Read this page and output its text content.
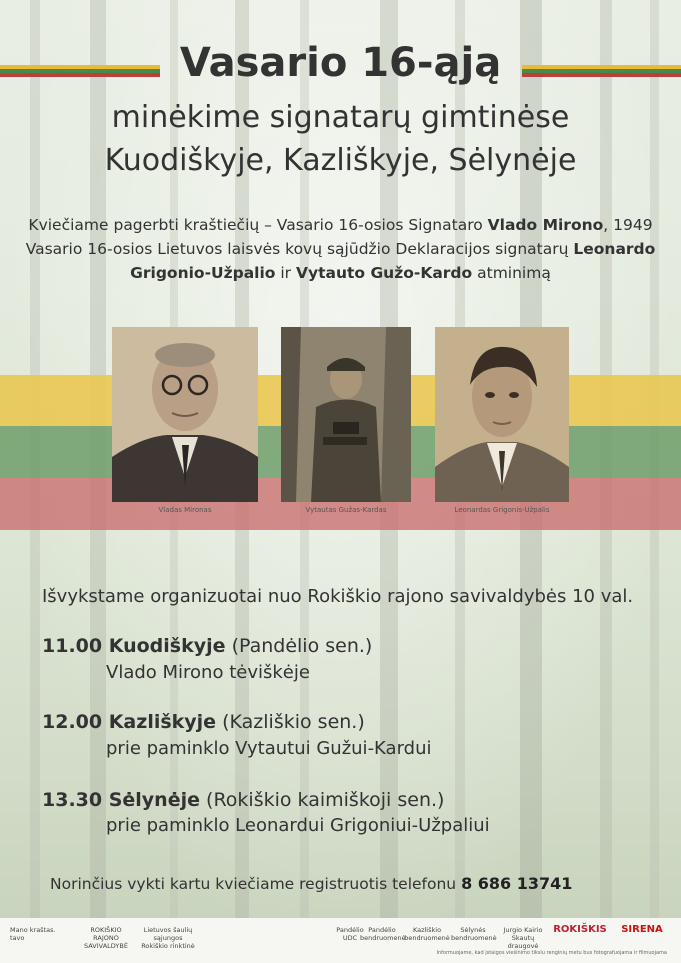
Vasario 16-ąją
minėkime signatarų gimtinėse
Kuodiškyje, Kazliškyje, Sėlynėje
Kviečiame pagerbti kraštiečių – Vasario 16-osios Signataro Vlado Mirono, 1949 Vasario 16-osios Lietuvos laisvės kovų sąjūdžio Deklaracijos signatarų Leonardo Grigonio-Užpalio ir Vytauto Gužo-Kardo atminimą
Vladas Mironas	Vytautas Gužas-Kardas	Leonardas Grigonis-Užpalis
Išvykstame organizuotai nuo Rokiškio rajono savivaldybės 10 val.
11.00 Kuodiškyje (Pandėlio sen.)
Vlado Mirono tėviškėje
12.00 Kazliškyje (Kazliškio sen.)
prie paminklo Vytautui Gužui-Kardui
13.30 Sėlynėje (Rokiškio kaimiškoji sen.)
prie paminklo Leonardui Grigoniui-Užpaliui
Norinčius vykti kartu kviečiame registruotis telefonu 8 686 13741
Mano kraštas. tavo
ROKIŠKIO RAJONO SAVIVALDYBĖ
Lietuvos šaulių sąjungos Rokiškio rinktinė
Pandėlio UDC
Pandėlio bendruomenė
Kazliškio bendruomenė
Sėlynės bendruomenė
Jurgio Kairio Skautų draugovė
ROKIŠKIS	SIRENA
Informuojame, kad įstaigos viešinimo tikslu renginių metu bus fotografuojama ir filmuojama
